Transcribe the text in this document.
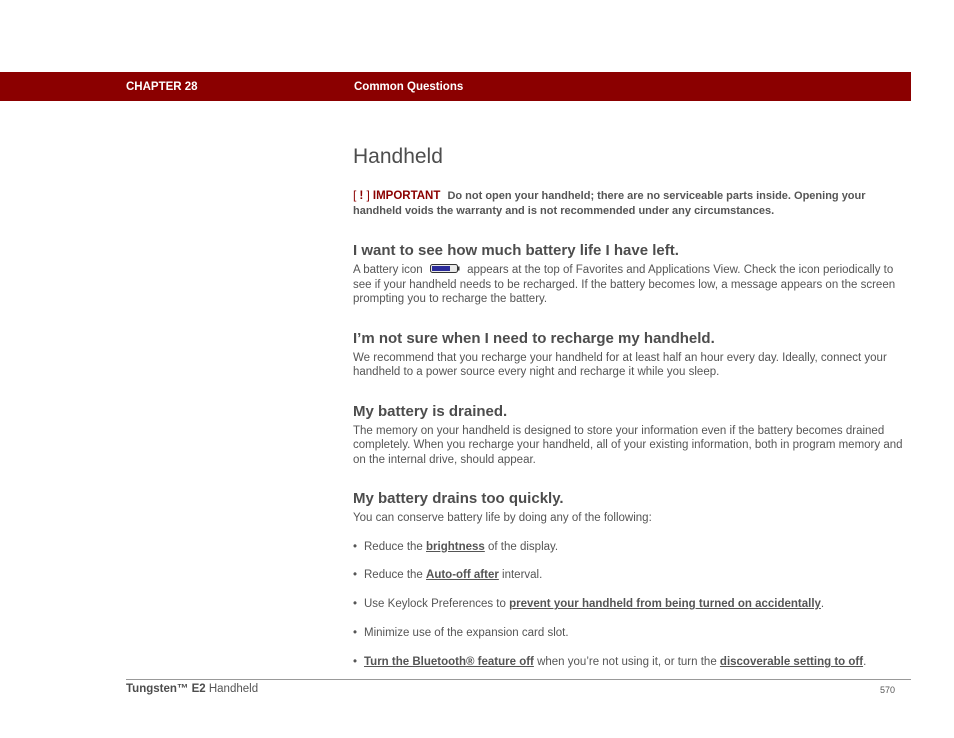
CHAPTER 28	Common Questions
Handheld
[ ! ] IMPORTANT Do not open your handheld; there are no serviceable parts inside. Opening your handheld voids the warranty and is not recommended under any circumstances.
I want to see how much battery life I have left.

A battery icon	appears at the top of Favorites and Applications View. Check the icon periodically to see if your handheld needs to be recharged. If the battery becomes low, a message appears on the screen prompting you to recharge the battery.

I’m not sure when I need to recharge my handheld.

We recommend that you recharge your handheld for at least half an hour every day. Ideally, connect your handheld to a power source every night and recharge it while you sleep.

My battery is drained.

The memory on your handheld is designed to store your information even if the battery becomes drained completely. When you recharge your handheld, all of your existing information, both in program memory and on the internal drive, should appear.

My battery drains too quickly.

You can conserve battery life by doing any of the following:

• Reduce the brightness of the display.
• Reduce the Auto-off after interval.
• Use Keylock Preferences to prevent your handheld from being turned on accidentally.
• Minimize use of the expansion card slot.
• Turn the Bluetooth® feature off when you’re not using it, or turn the discoverable setting to off.
Tungsten™ E2 Handheld	570
